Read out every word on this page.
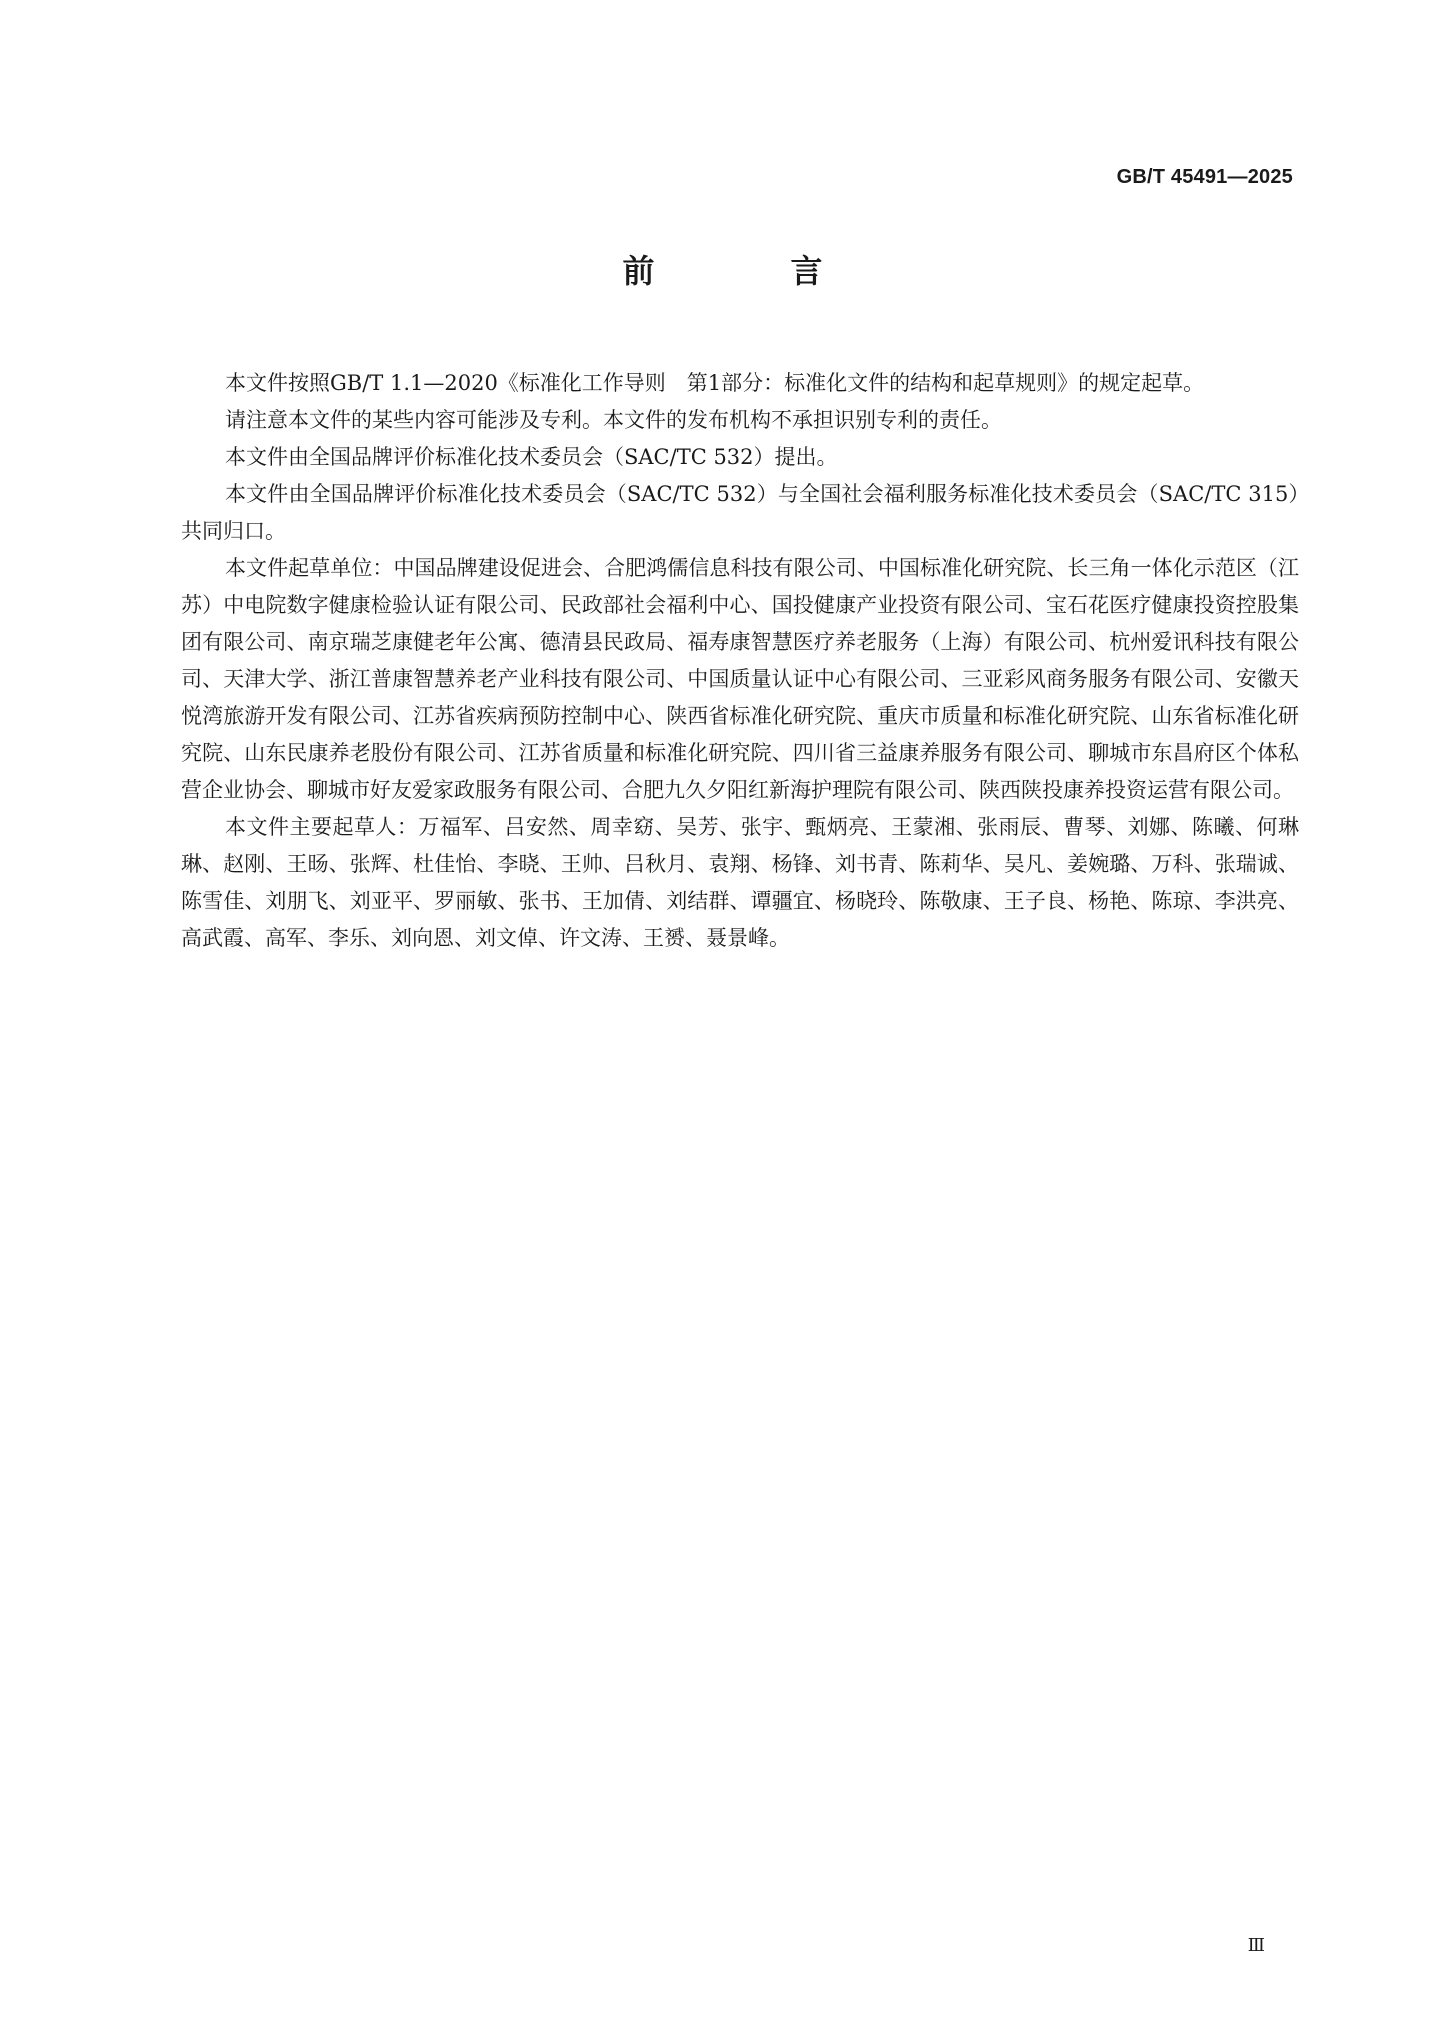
GB/T 45491—2025
前　言

本文件按照GB/T 1.1—2020《标准化工作导则　第1部分：标准化文件的结构和起草规则》的规定起草。

请注意本文件的某些内容可能涉及专利。本文件的发布机构不承担识别专利的责任。

本文件由全国品牌评价标准化技术委员会（SAC/TC 532）提出。

本文件由全国品牌评价标准化技术委员会（SAC/TC 532）与全国社会福利服务标准化技术委员会（SAC/TC 315）共同归口。

本文件起草单位：中国品牌建设促进会、合肥鸿儒信息科技有限公司、中国标准化研究院、长三角一体化示范区（江苏）中电院数字健康检验认证有限公司、民政部社会福利中心、国投健康产业投资有限公司、宝石花医疗健康投资控股集团有限公司、南京瑞芝康健老年公寓、德清县民政局、福寿康智慧医疗养老服务（上海）有限公司、杭州爱讯科技有限公司、天津大学、浙江普康智慧养老产业科技有限公司、中国质量认证中心有限公司、三亚彩风商务服务有限公司、安徽天悦湾旅游开发有限公司、江苏省疾病预防控制中心、陕西省标准化研究院、重庆市质量和标准化研究院、山东省标准化研究院、山东民康养老股份有限公司、江苏省质量和标准化研究院、四川省三益康养服务有限公司、聊城市东昌府区个体私营企业协会、聊城市好友爱家政服务有限公司、合肥九久夕阳红新海护理院有限公司、陕西陕投康养投资运营有限公司。

本文件主要起草人：万福军、吕安然、周幸窈、吴芳、张宇、甄炳亮、王蒙湘、张雨辰、曹琴、刘娜、陈曦、何琳琳、赵刚、王旸、张辉、杜佳怡、李晓、王帅、吕秋月、袁翔、杨锋、刘书青、陈莉华、吴凡、姜婉璐、万科、张瑞诚、陈雪佳、刘朋飞、刘亚平、罗丽敏、张书、王加倩、刘结群、谭疆宜、杨晓玲、陈敬康、王子良、杨艳、陈琼、李洪亮、高武霞、高军、李乐、刘向恩、刘文倬、许文涛、王赟、聂景峰。

Ⅲ
